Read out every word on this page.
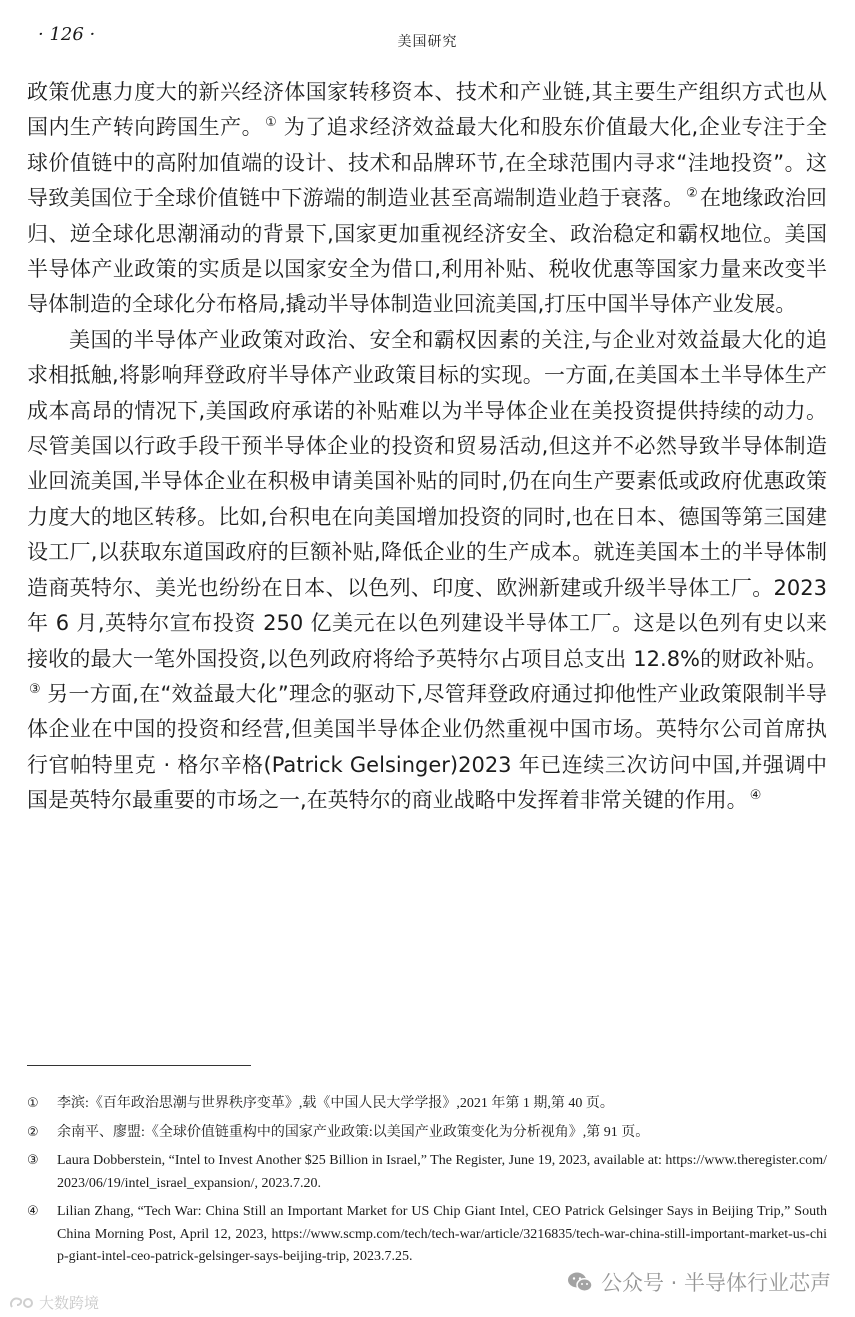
· 126 ·	美国研究

政策优惠力度大的新兴经济体国家转移资本、技术和产业链,其主要生产组织方式也从国内生产转向跨国生产。 ① 为了追求经济效益最大化和股东价值最大化,企业专注于全球价值链中的高附加值端的设计、技术和品牌环节,在全球范围内寻求“洼地投资”。这导致美国位于全球价值链中下游端的制造业甚至高端制造业趋于衰落。 ②在地缘政治回归、逆全球化思潮涌动的背景下,国家更加重视经济安全、政治稳定和霸权地位。美国半导体产业政策的实质是以国家安全为借口,利用补贴、税收优惠等国家力量来改变半导体制造的全球化分布格局,撬动半导体制造业回流美国,打压中国半导体产业发展。

美国的半导体产业政策对政治、安全和霸权因素的关注,与企业对效益最大化的追求相抵触,将影响拜登政府半导体产业政策目标的实现。一方面,在美国本土半导体生产成本高昂的情况下,美国政府承诺的补贴难以为半导体企业在美投资提供持续的动力。尽管美国以行政手段干预半导体企业的投资和贸易活动,但这并不必然导致半导体制造业回流美国,半导体企业在积极申请美国补贴的同时,仍在向生产要素低或政府优惠政策力度大的地区转移。比如,台积电在向美国增加投资的同时,也在日本、德国等第三国建设工厂,以获取东道国政府的巨额补贴,降低企业的生产成本。就连美国本土的半导体制造商英特尔、美光也纷纷在日本、以色列、印度、欧洲新建或升级半导体工厂。2023 年 6 月,英特尔宣布投资 250 亿美元在以色列建设半导体工厂。这是以色列有史以来接收的最大一笔外国投资,以色列政府将给予英特尔占项目总支出 12.8%的财政补贴。③ 另一方面,在“效益最大化”理念的驱动下,尽管拜登政府通过抑他性产业政策限制半导体企业在中国的投资和经营,但美国半导体企业仍然重视中国市场。英特尔公司首席执行官帕特里克 · 格尔辛格(Patrick Gelsinger)2023 年已连续三次访问中国,并强调中国是英特尔最重要的市场之一,在英特尔的商业战略中发挥着非常关键的作用。 ④

① 李滨:《百年政治思潮与世界秩序变革》,载《中国人民大学学报》,2021 年第 1 期,第 40 页。
② 余南平、廖盟:《全球价值链重构中的国家产业政策:以美国产业政策变化为分析视角》,第 91 页。
③ Laura Dobberstein, “Intel to Invest Another $25 Billion in Israel,” The Register, June 19, 2023, available at: https://www.theregister.com/2023/06/19/intel_israel_expansion/, 2023.7.20.
④ Lilian Zhang, “Tech War: China Still an Important Market for US Chip Giant Intel, CEO Patrick Gelsinger Says in Beijing Trip,” South China Morning Post, April 12, 2023, https://www.scmp.com/tech/tech-war/article/3216835/tech-war-china-still-important-market-us-chip-giant-intel-ceo-patrick-gelsinger-says-beijing-trip, 2023.7.25.
公众号 · 半导体行业芯声
大数跨境
